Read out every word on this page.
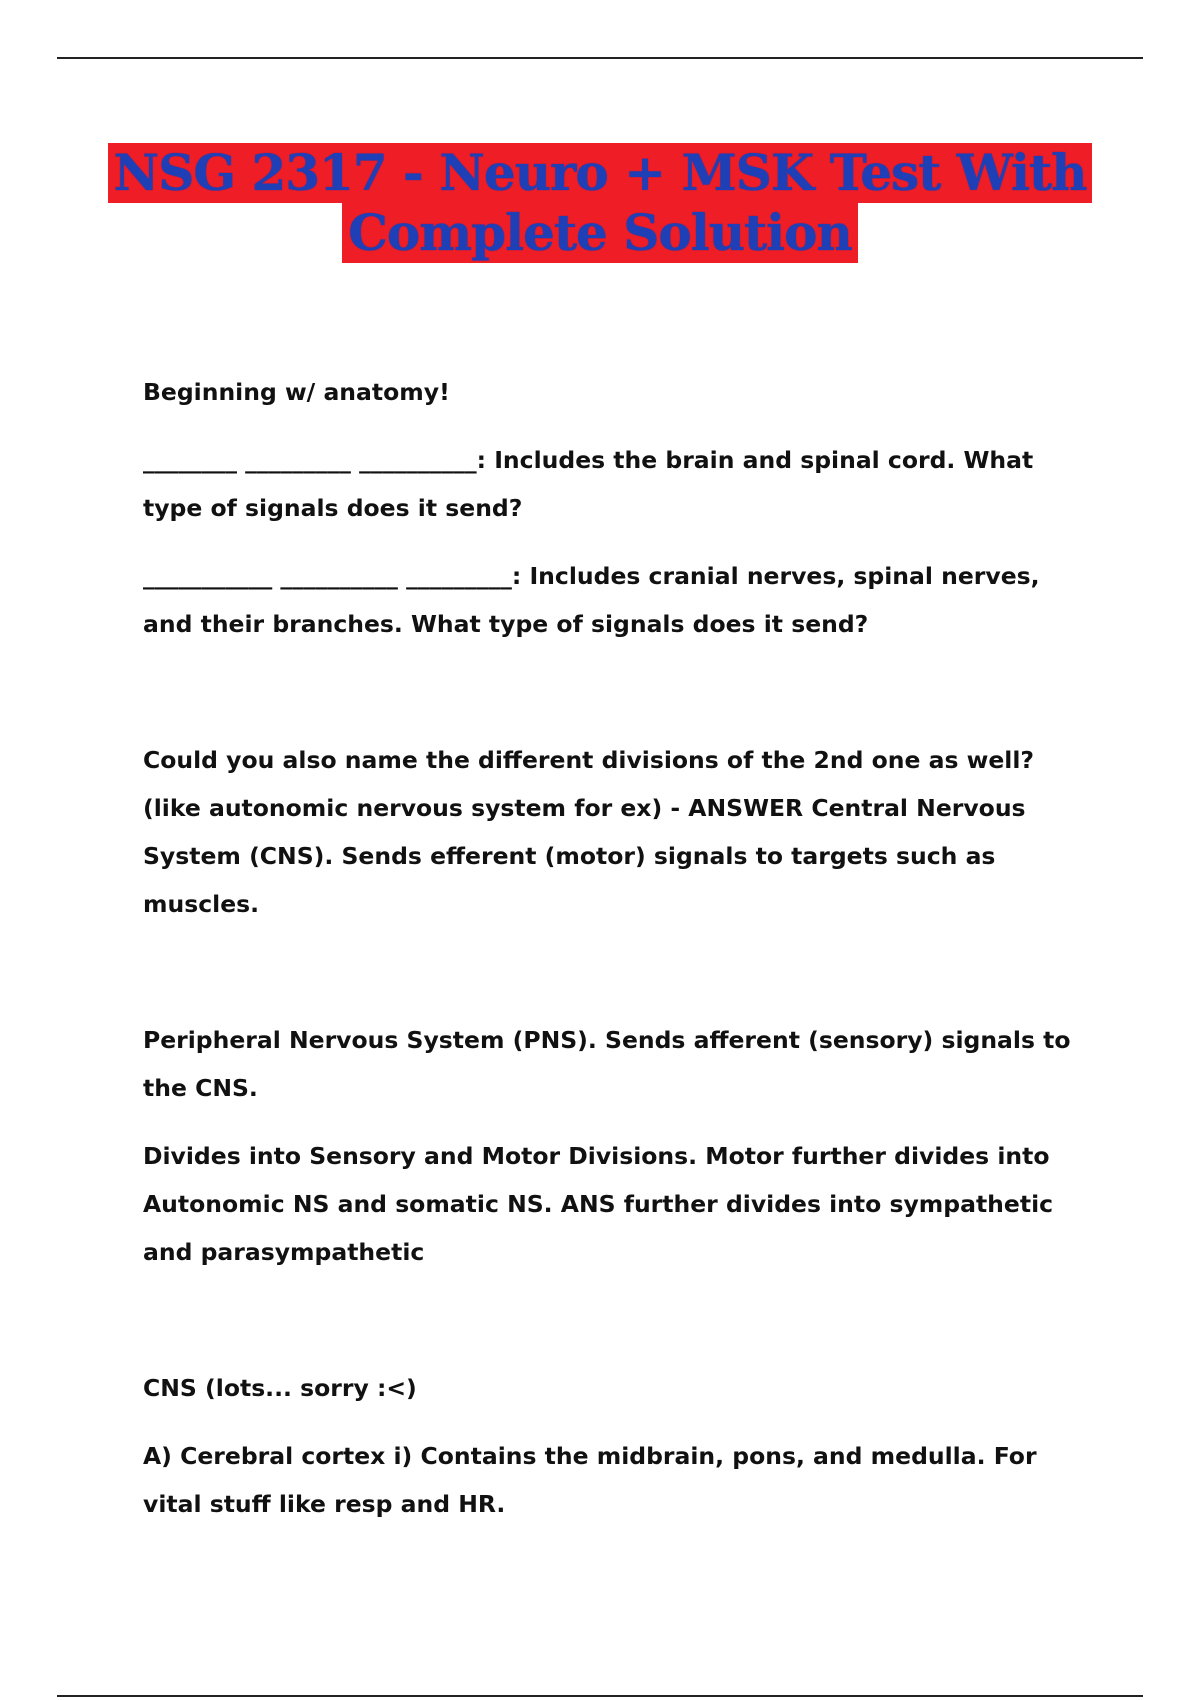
NSG 2317 - Neuro + MSK Test With
Complete Solution

Beginning w/ anatomy!

________ _________ __________: Includes the brain and spinal cord. What type of signals does it send?

___________ __________ _________: Includes cranial nerves, spinal nerves, and their branches. What type of signals does it send?

Could you also name the different divisions of the 2nd one as well? (like autonomic nervous system for ex) - ANSWER Central Nervous System (CNS). Sends efferent (motor) signals to targets such as muscles.

Peripheral Nervous System (PNS). Sends afferent (sensory) signals to the CNS.

Divides into Sensory and Motor Divisions. Motor further divides into Autonomic NS and somatic NS. ANS further divides into sympathetic and parasympathetic

CNS (lots... sorry :<)

A) Cerebral cortex i) Contains the midbrain, pons, and medulla. For vital stuff like resp and HR.
